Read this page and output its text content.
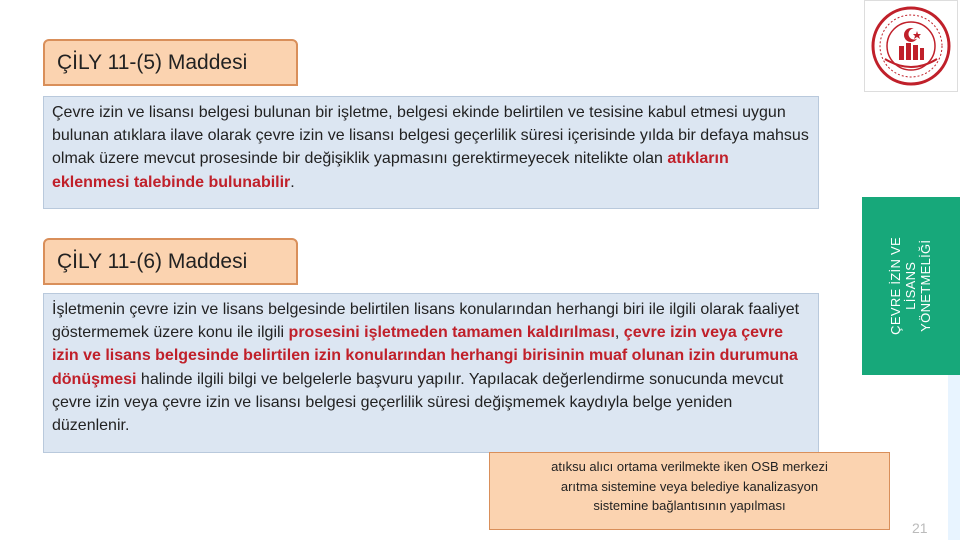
ÇİLY 11-(5) Maddesi
Çevre izin ve lisansı belgesi bulunan bir işletme, belgesi ekinde belirtilen ve tesisine kabul etmesi uygun bulunan atıklara ilave olarak çevre izin ve lisansı belgesi geçerlilik süresi içerisinde yılda bir defaya mahsus olmak üzere mevcut prosesinde bir değişiklik yapmasını gerektirmeyecek nitelikte olan atıkların eklenmesi talebinde bulunabilir.
ÇİLY 11-(6) Maddesi
İşletmenin çevre izin ve lisans belgesinde belirtilen lisans konularından herhangi biri ile ilgili olarak faaliyet göstermemek üzere konu ile ilgili prosesini işletmeden tamamen kaldırılması, çevre izin veya çevre izin ve lisans belgesinde belirtilen izin konularından herhangi birisinin muaf olunan izin durumuna dönüşmesi halinde ilgili bilgi ve belgelerle başvuru yapılır. Yapılacak değerlendirme sonucunda mevcut çevre izin veya çevre izin ve lisansı belgesi geçerlilik süresi değişmemek kaydıyla belge yeniden düzenlenir.
ÇEVRE İZİN VE LİSANS YÖNETMELİĞİ
atıksu alıcı ortama verilmekte iken OSB merkezi
arıtma sistemine veya belediye kanalizasyon
sistemine bağlantısının yapılması
21
